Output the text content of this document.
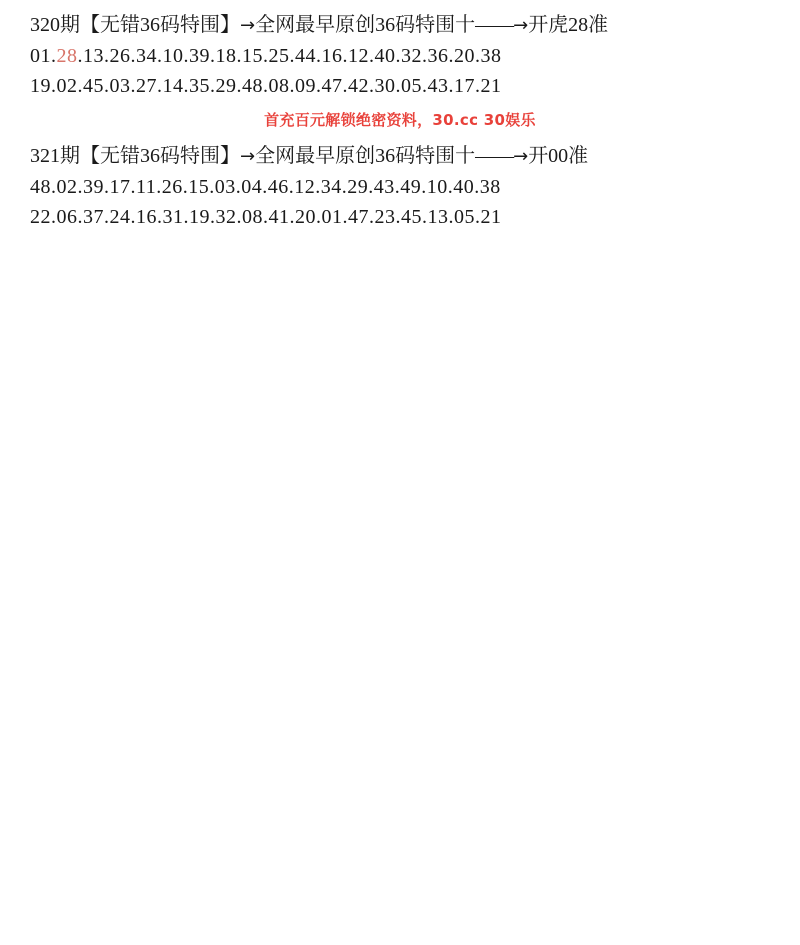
320期【无错36码特围】→全网最早原创36码特围十——→开虎28准
01.28.13.26.34.10.39.18.15.25.44.16.12.40.32.36.20.38
19.02.45.03.27.14.35.29.48.08.09.47.42.30.05.43.17.21
首充百元解锁绝密资料，30.cc 30娱乐
321期【无错36码特围】→全网最早原创36码特围十——→开00准
48.02.39.17.11.26.15.03.04.46.12.34.29.43.49.10.40.38
22.06.37.24.16.31.19.32.08.41.20.01.47.23.45.13.05.21
